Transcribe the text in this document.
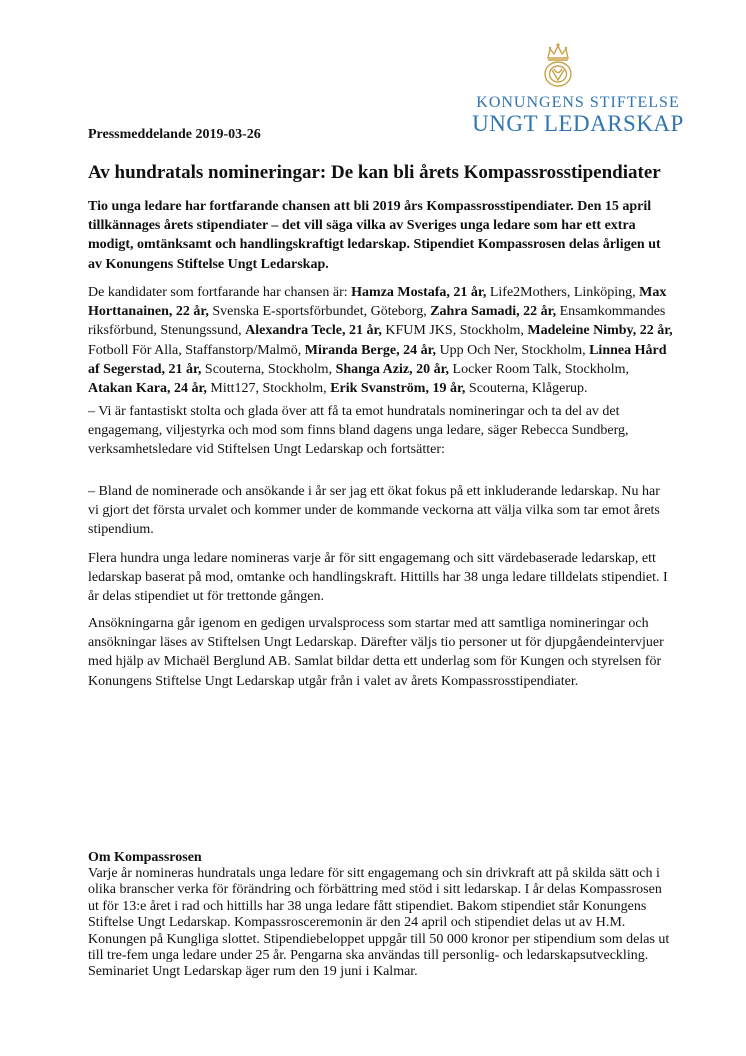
KONUNGENS STIFTELSE
UNGT LEDARSKAP
Pressmeddelande 2019-03-26
Av hundratals nomineringar: De kan bli årets Kompassrosstipendiater

Tio unga ledare har fortfarande chansen att bli 2019 års Kompassrosstipendiater. Den 15 april tillkännages årets stipendiater – det vill säga vilka av Sveriges unga ledare som har ett extra modigt, omtänksamt och handlingskraftigt ledarskap. Stipendiet Kompassrosen delas årligen ut av Konungens Stiftelse Ungt Ledarskap.

De kandidater som fortfarande har chansen är: Hamza Mostafa, 21 år, Life2Mothers, Linköping, Max Horttanainen, 22 år, Svenska E-sportsförbundet, Göteborg, Zahra Samadi, 22 år, Ensamkommandes riksförbund, Stenungssund, Alexandra Tecle, 21 år, KFUM JKS, Stockholm, Madeleine Nimby, 22 år, Fotboll För Alla, Staffanstorp/Malmö, Miranda Berge, 24 år, Upp Och Ner, Stockholm, Linnea Hård af Segerstad, 21 år, Scouterna, Stockholm, Shanga Aziz, 20 år, Locker Room Talk, Stockholm, Atakan Kara, 24 år, Mitt127, Stockholm, Erik Svanström, 19 år, Scouterna, Klågerup.

– Vi är fantastiskt stolta och glada över att få ta emot hundratals nomineringar och ta del av det engagemang, viljestyrka och mod som finns bland dagens unga ledare, säger Rebecca Sundberg, verksamhetsledare vid Stiftelsen Ungt Ledarskap och fortsätter:

– Bland de nominerade och ansökande i år ser jag ett ökat fokus på ett inkluderande ledarskap. Nu har vi gjort det första urvalet och kommer under de kommande veckorna att välja vilka som tar emot årets stipendium.

Flera hundra unga ledare nomineras varje år för sitt engagemang och sitt värdebaserade ledarskap, ett ledarskap baserat på mod, omtanke och handlingskraft. Hittills har 38 unga ledare tilldelats stipendiet. I år delas stipendiet ut för trettonde gången.

Ansökningarna går igenom en gedigen urvalsprocess som startar med att samtliga nomineringar och ansökningar läses av Stiftelsen Ungt Ledarskap. Därefter väljs tio personer ut för djupgåendeintervjuer med hjälp av Michaël Berglund AB. Samlat bildar detta ett underlag som för Kungen och styrelsen för Konungens Stiftelse Ungt Ledarskap utgår från i valet av årets Kompassrosstipendiater.

Om Kompassrosen

Varje år nomineras hundratals unga ledare för sitt engagemang och sin drivkraft att på skilda sätt och i olika branscher verka för förändring och förbättring med stöd i sitt ledarskap. I år delas Kompassrosen ut för 13:e året i rad och hittills har 38 unga ledare fått stipendiet. Bakom stipendiet står Konungens Stiftelse Ungt Ledarskap. Kompassrosceremonin är den 24 april och stipendiet delas ut av H.M. Konungen på Kungliga slottet. Stipendiebeloppet uppgår till 50 000 kronor per stipendium som delas ut till tre-fem unga ledare under 25 år. Pengarna ska användas till personlig- och ledarskapsutveckling. Seminariet Ungt Ledarskap äger rum den 19 juni i Kalmar.
